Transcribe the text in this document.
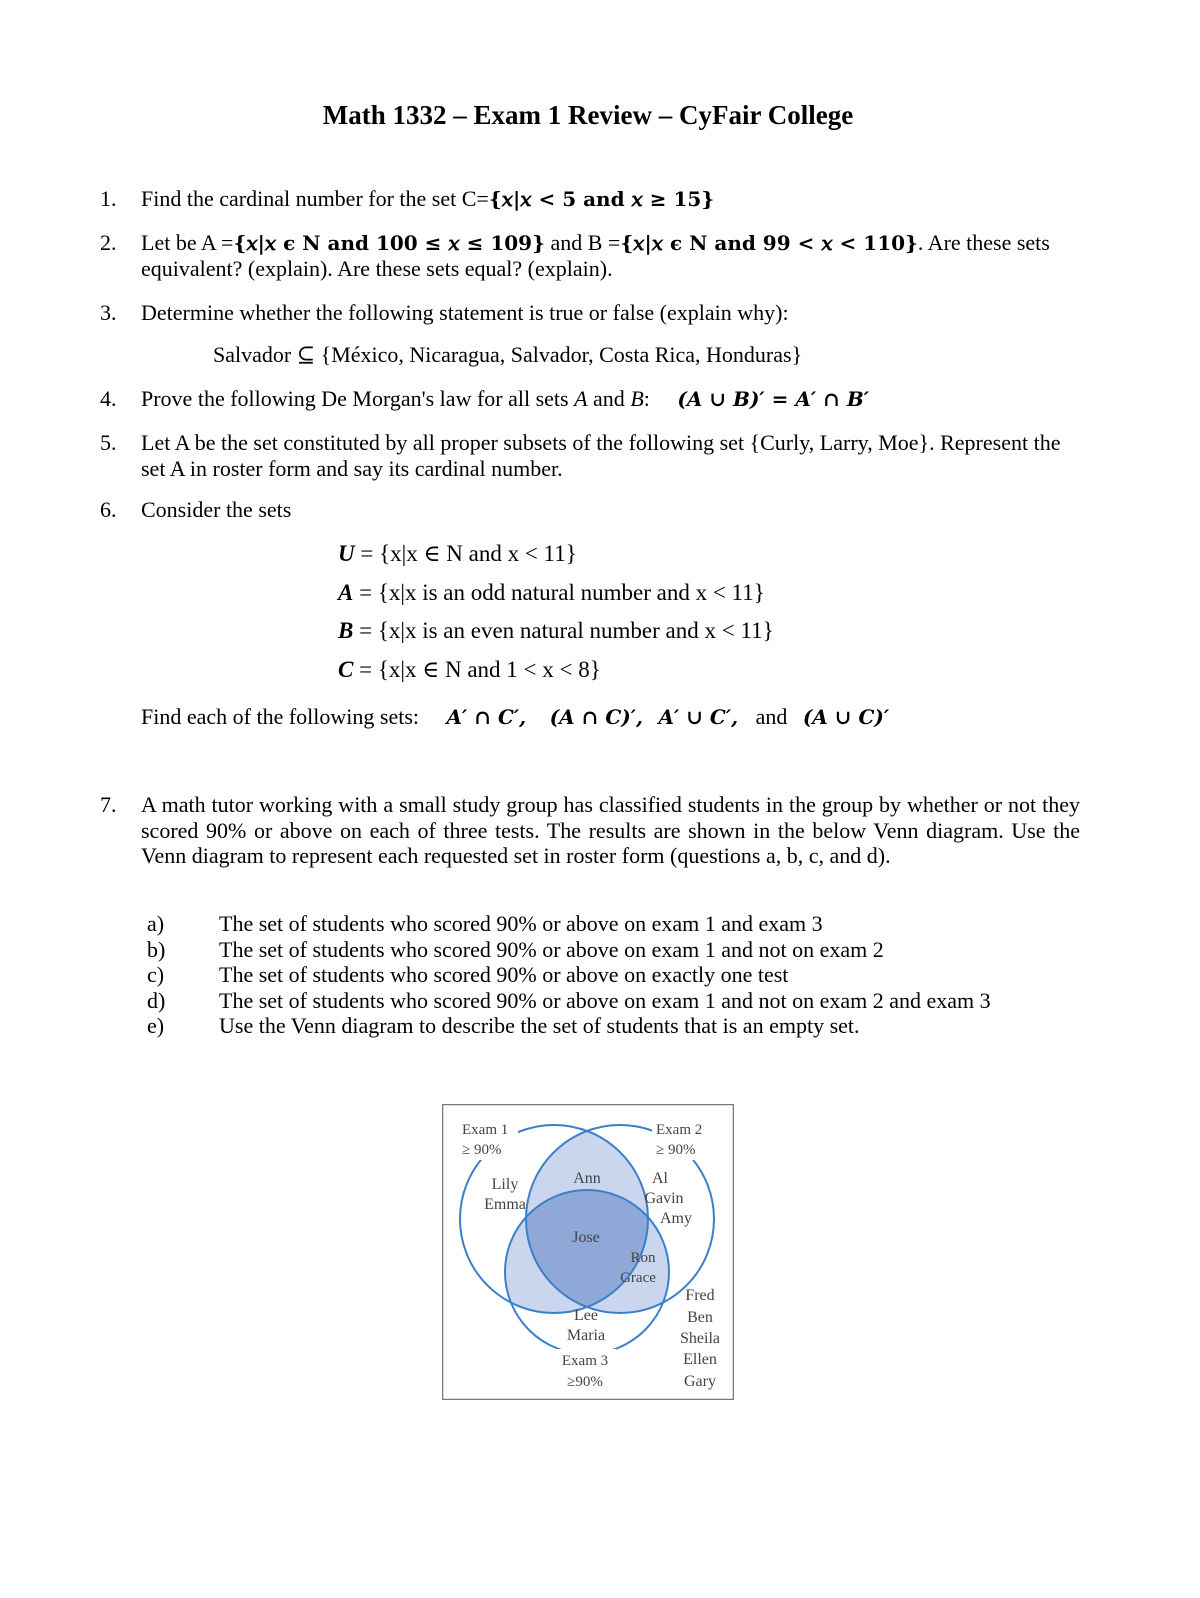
Math 1332 – Exam 1 Review – CyFair College
1.	Find the cardinal number for the set C={𝑥|𝑥 < 5 and 𝑥 ≥ 15}
2.	Let be A ={𝑥|𝑥 ϵ 𝐍 and 100 ≤ 𝑥 ≤ 109} and B ={𝑥|𝑥 ϵ 𝐍 and 99 < 𝑥 < 110}. Are these sets equivalent? (explain). Are these sets equal? (explain).
3.	Determine whether the following statement is true or false (explain why):
Salvador ⊆ {México, Nicaragua, Salvador, Costa Rica, Honduras}
4.	Prove the following De Morgan's law for all sets A and B: (𝑨 ∪ 𝑩)′ = 𝑨′ ∩ 𝑩′
5.	Let A be the set constituted by all proper subsets of the following set {Curly, Larry, Moe}. Represent the set A in roster form and say its cardinal number.
6.	Consider the sets
U = {x|x ∈ N and x < 11}
A = {x|x is an odd natural number and x < 11}
B = {x|x is an even natural number and x < 11}
C = {x|x ∈ N and 1 < x < 8}
Find each of the following sets: 𝑨′ ∩ 𝑪′, (𝑨 ∩ 𝑪)′, 𝑨′ ∪ 𝑪′, and (𝑨 ∪ 𝑪)′
7.	A math tutor working with a small study group has classified students in the group by whether or not they scored 90% or above on each of three tests. The results are shown in the below Venn diagram. Use the Venn diagram to represent each requested set in roster form (questions a, b, c, and d).
a) The set of students who scored 90% or above on exam 1 and exam 3
b) The set of students who scored 90% or above on exam 1 and not on exam 2
c) The set of students who scored 90% or above on exactly one test
d) The set of students who scored 90% or above on exam 1 and not on exam 2 and exam 3
e) Use the Venn diagram to describe the set of students that is an empty set.
Exam 1
≥ 90%
Exam 2
≥ 90%
Exam 3
≥90%
Lily
Emma
Ann	Al
Gavin
Amy
Jose
Ron
Grace
Lee
Maria
Fred
Ben
Sheila
Ellen
Gary
